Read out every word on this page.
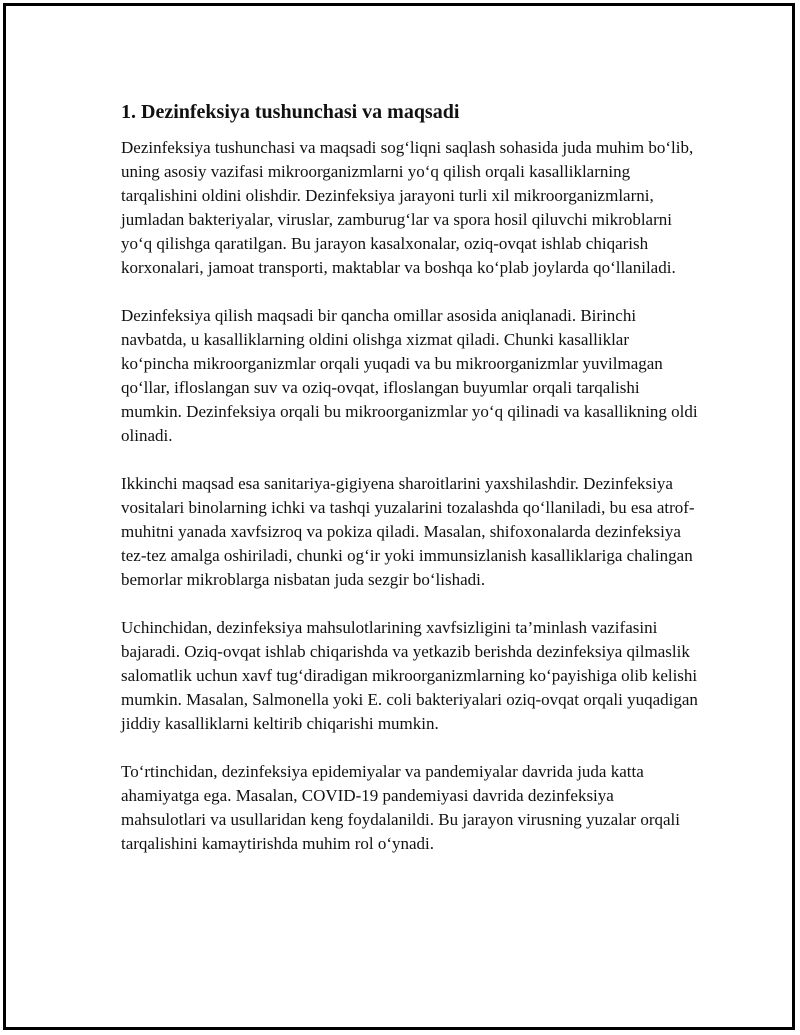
1. Dezinfeksiya tushunchasi va maqsadi

Dezinfeksiya tushunchasi va maqsadi sog‘liqni saqlash sohasida juda muhim bo‘lib, uning asosiy vazifasi mikroorganizmlarni yo‘q qilish orqali kasalliklarning tarqalishini oldini olishdir. Dezinfeksiya jarayoni turli xil mikroorganizmlarni, jumladan bakteriyalar, viruslar, zamburug‘lar va spora hosil qiluvchi mikroblarni yo‘q qilishga qaratilgan. Bu jarayon kasalxonalar, oziq-ovqat ishlab chiqarish korxonalari, jamoat transporti, maktablar va boshqa ko‘plab joylarda qo‘llaniladi.

Dezinfeksiya qilish maqsadi bir qancha omillar asosida aniqlanadi. Birinchi navbatda, u kasalliklarning oldini olishga xizmat qiladi. Chunki kasalliklar ko‘pincha mikroorganizmlar orqali yuqadi va bu mikroorganizmlar yuvilmagan qo‘llar, ifloslangan suv va oziq-ovqat, ifloslangan buyumlar orqali tarqalishi mumkin. Dezinfeksiya orqali bu mikroorganizmlar yo‘q qilinadi va kasallikning oldi olinadi.

Ikkinchi maqsad esa sanitariya-gigiyena sharoitlarini yaxshilashdir. Dezinfeksiya vositalari binolarning ichki va tashqi yuzalarini tozalashda qo‘llaniladi, bu esa atrof-muhitni yanada xavfsizroq va pokiza qiladi. Masalan, shifoxonalarda dezinfeksiya tez-tez amalga oshiriladi, chunki og‘ir yoki immunsizlanish kasalliklariga chalingan bemorlar mikroblarga nisbatan juda sezgir bo‘lishadi.

Uchinchidan, dezinfeksiya mahsulotlarining xavfsizligini ta’minlash vazifasini bajaradi. Oziq-ovqat ishlab chiqarishda va yetkazib berishda dezinfeksiya qilmaslik salomatlik uchun xavf tug‘diradigan mikroorganizmlarning ko‘payishiga olib kelishi mumkin. Masalan, Salmonella yoki E. coli bakteriyalari oziq-ovqat orqali yuqadigan jiddiy kasalliklarni keltirib chiqarishi mumkin.

To‘rtinchidan, dezinfeksiya epidemiyalar va pandemiyalar davrida juda katta ahamiyatga ega. Masalan, COVID-19 pandemiyasi davrida dezinfeksiya mahsulotlari va usullaridan keng foydalanildi. Bu jarayon virusning yuzalar orqali tarqalishini kamaytirishda muhim rol o‘ynadi.
